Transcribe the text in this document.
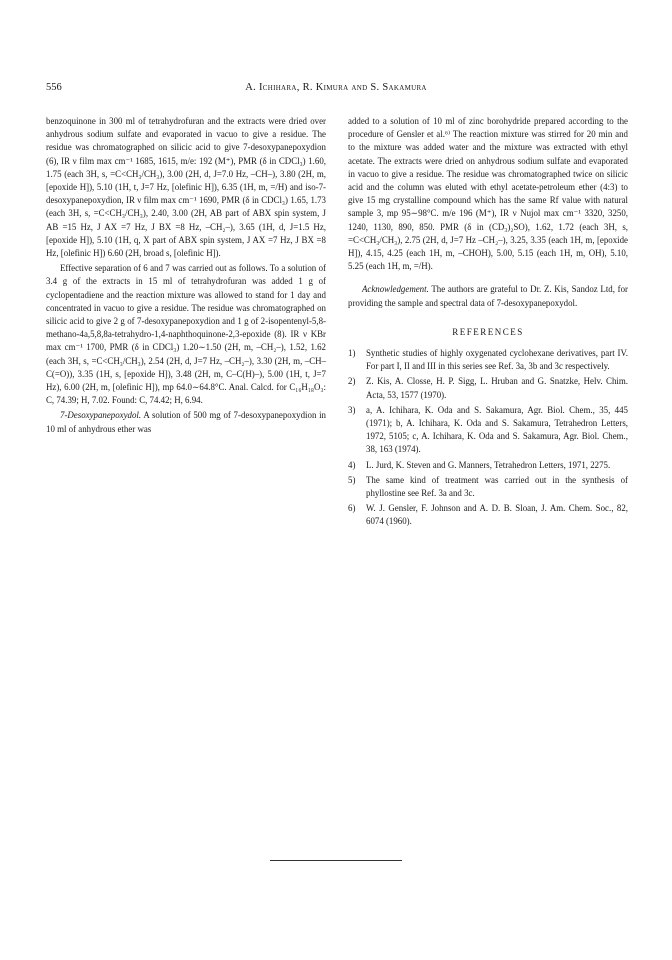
556	A. Ichihara, R. Kimura and S. Sakamura

benzoquinone in 300 ml of tetrahydrofuran and the extracts were dried over anhydrous sodium sulfate and evaporated in vacuo to give a residue. The residue was chromatographed on silicic acid to give 7-desoxypanepoxydion (6), IR ν film max cm⁻¹ 1685, 1615, m/e: 192 (M⁺), PMR (δ in CDCl₃) 1.60, 1.75 (each 3H, s, =C<CH₃/CH₃), 3.00 (2H, d, J=7.0 Hz, –CH–), 3.80 (2H, m, [epoxide H]), 5.10 (1H, t, J=7 Hz, [olefinic H]), 6.35 (1H, m, =/H) and iso-7-desoxypanepoxydion, IR ν film max cm⁻¹ 1690, PMR (δ in CDCl₃) 1.65, 1.73 (each 3H, s, =C<CH₃/CH₃), 2.40, 3.00 (2H, AB part of ABX spin system, J AB =15 Hz, J AX =7 Hz, J BX =8 Hz, –CH₂–), 3.65 (1H, d, J=1.5 Hz, [epoxide H]), 5.10 (1H, q, X part of ABX spin system, J AX =7 Hz, J BX =8 Hz, [olefinic H]) 6.60 (2H, broad s, [olefinic H]).

Effective separation of 6 and 7 was carried out as follows. To a solution of 3.4 g of the extracts in 15 ml of tetrahydrofuran was added 1 g of cyclopentadiene and the reaction mixture was allowed to stand for 1 day and concentrated in vacuo to give a residue. The residue was chromatographed on silicic acid to give 2 g of 7-desoxypanepoxydion and 1 g of 2-isopentenyl-5,8-methano-4a,5,8,8a-tetrahydro-1,4-naphthoquinone-2,3-epoxide (8). IR ν KBr max cm⁻¹ 1700, PMR (δ in CDCl₃) 1.20∼1.50 (2H, m, –CH₂–), 1.52, 1.62 (each 3H, s, =C<CH₃/CH₃), 2.54 (2H, d, J=7 Hz, –CH₂–), 3.30 (2H, m, –CH–C(=O)), 3.35 (1H, s, [epoxide H]), 3.48 (2H, m, C–C(H)–), 5.00 (1H, t, J=7 Hz), 6.00 (2H, m, [olefinic H]), mp 64.0∼64.8°C. Anal. Calcd. for C₁₆H₁₈O₃: C, 74.39; H, 7.02. Found: C, 74.42; H, 6.94.

7-Desoxypanepoxydol. A solution of 500 mg of 7-desoxypanepoxydion in 10 ml of anhydrous ether was

added to a solution of 10 ml of zinc borohydride prepared according to the procedure of Gensler et al.⁶⁾ The reaction mixture was stirred for 20 min and to the mixture was added water and the mixture was extracted with ethyl acetate. The extracts were dried on anhydrous sodium sulfate and evaporated in vacuo to give a residue. The residue was chromatographed twice on silicic acid and the column was eluted with ethyl acetate-petroleum ether (4:3) to give 15 mg crystalline compound which has the same Rf value with natural sample 3, mp 95∼98°C. m/e 196 (M⁺), IR ν Nujol max cm⁻¹ 3320, 3250, 1240, 1130, 890, 850. PMR (δ in (CD₃)₂SO), 1.62, 1.72 (each 3H, s, =C<CH₃/CH₃), 2.75 (2H, d, J=7 Hz –CH₂–), 3.25, 3.35 (each 1H, m, [epoxide H]), 4.15, 4.25 (each 1H, m, –CHOH), 5.00, 5.15 (each 1H, m, OH), 5.10, 5.25 (each 1H, m, =/H).

Acknowledgement. The authors are grateful to Dr. Z. Kis, Sandoz Ltd, for providing the sample and spectral data of 7-desoxypanepoxydol.

REFERENCES
1)	Synthetic studies of highly oxygenated cyclohexane derivatives, part IV. For part I, II and III in this series see Ref. 3a, 3b and 3c respectively.
2)	Z. Kis, A. Closse, H. P. Sigg, L. Hruban and G. Snatzke, Helv. Chim. Acta, 53, 1577 (1970).
3)	a, A. Ichihara, K. Oda and S. Sakamura, Agr. Biol. Chem., 35, 445 (1971); b, A. Ichihara, K. Oda and S. Sakamura, Tetrahedron Letters, 1972, 5105; c, A. Ichihara, K. Oda and S. Sakamura, Agr. Biol. Chem., 38, 163 (1974).
4)	L. Jurd, K. Steven and G. Manners, Tetrahedron Letters, 1971, 2275.
5)	The same kind of treatment was carried out in the synthesis of phyllostine see Ref. 3a and 3c.
6)	W. J. Gensler, F. Johnson and A. D. B. Sloan, J. Am. Chem. Soc., 82, 6074 (1960).
